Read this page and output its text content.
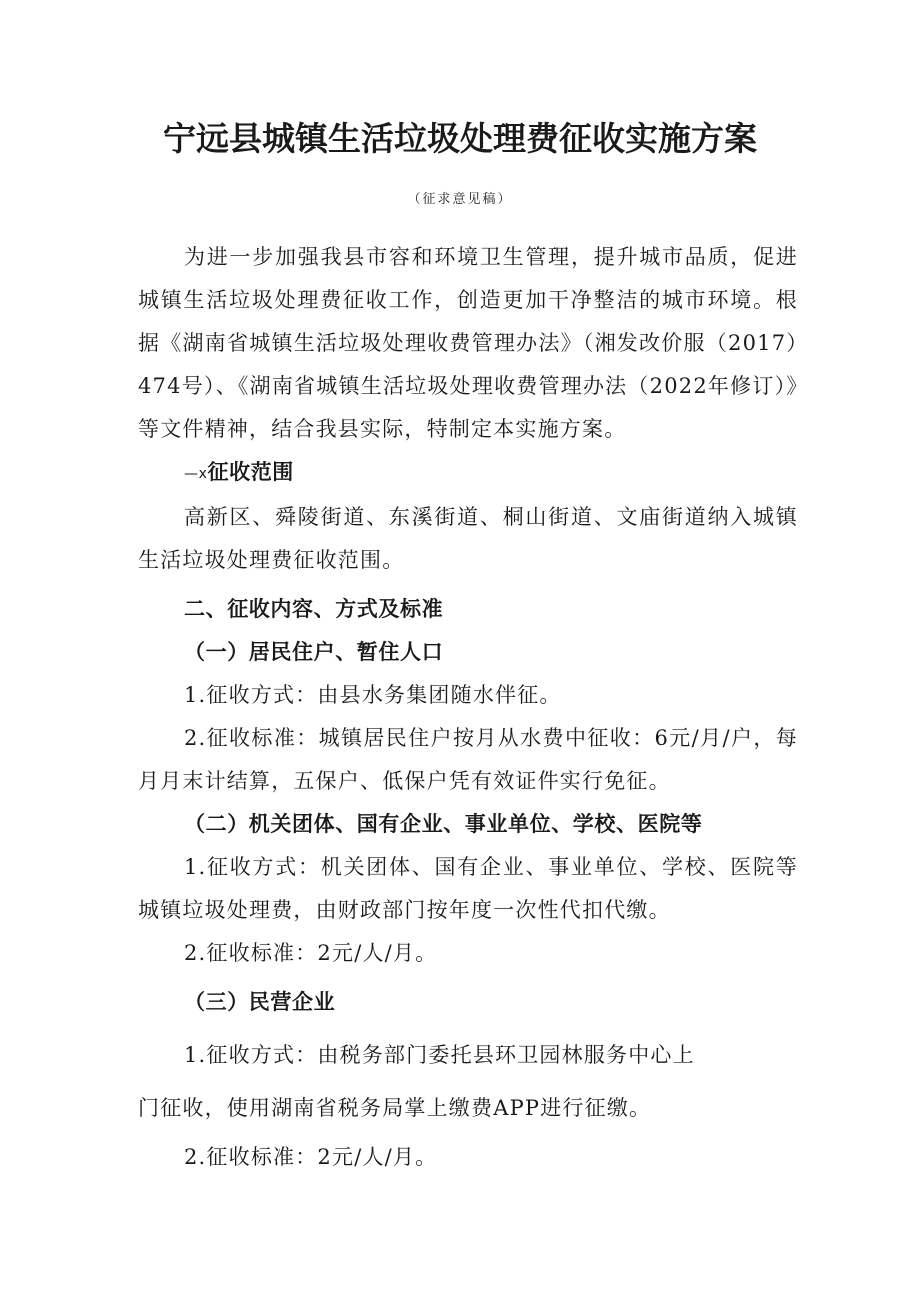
宁远县城镇生活垃圾处理费征收实施方案
（征求意见稿）

为进一步加强我县市容和环境卫生管理，提升城市品质，促进城镇生活垃圾处理费征收工作，创造更加干净整洁的城市环境。根据《湖南省城镇生活垃圾处理收费管理办法》（湘发改价服（2017）474号）、《湖南省城镇生活垃圾处理收费管理办法（2022年修订）》等文件精神，结合我县实际，特制定本实施方案。

—x征收范围

高新区、舜陵街道、东溪街道、桐山街道、文庙街道纳入城镇生活垃圾处理费征收范围。

二、征收内容、方式及标准

（一）居民住户、暂住人口

1.征收方式：由县水务集团随水伴征。

2.征收标准：城镇居民住户按月从水费中征收：6元/月/户，每月月末计结算，五保户、低保户凭有效证件实行免征。

（二）机关团体、国有企业、事业单位、学校、医院等

1.征收方式：机关团体、国有企业、事业单位、学校、医院等城镇垃圾处理费，由财政部门按年度一次性代扣代缴。

2.征收标准：2元/人/月。

（三）民营企业

1.征收方式：由税务部门委托县环卫园林服务中心上

门征收，使用湖南省税务局掌上缴费APP进行征缴。

2.征收标准：2元/人/月。
